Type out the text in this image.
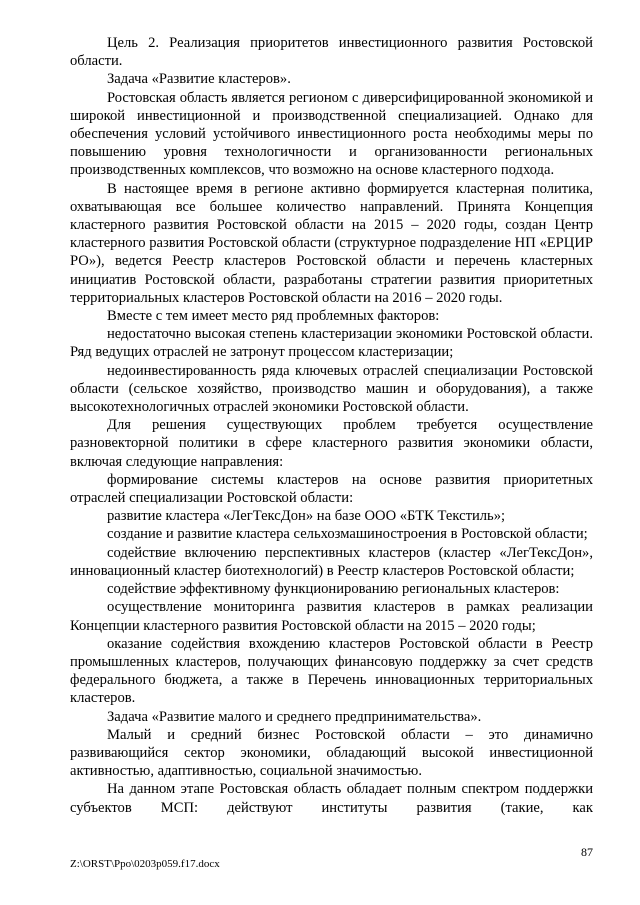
Цель 2. Реализация приоритетов инвестиционного развития Ростовской области.

Задача «Развитие кластеров».

Ростовская область является регионом с диверсифицированной экономикой и широкой инвестиционной и производственной специализацией. Однако для обеспечения условий устойчивого инвестиционного роста необходимы меры по повышению уровня технологичности и организованности региональных производственных комплексов, что возможно на основе кластерного подхода.

В настоящее время в регионе активно формируется кластерная политика, охватывающая все большее количество направлений. Принята Концепция кластерного развития Ростовской области на 2015 – 2020 годы, создан Центр кластерного развития Ростовской области (структурное подразделение НП «ЕРЦИР РО»), ведется Реестр кластеров Ростовской области и перечень кластерных инициатив Ростовской области, разработаны стратегии развития приоритетных территориальных кластеров Ростовской области на 2016 – 2020 годы.

Вместе с тем имеет место ряд проблемных факторов:

недостаточно высокая степень кластеризации экономики Ростовской области. Ряд ведущих отраслей не затронут процессом кластеризации;

недоинвестированность ряда ключевых отраслей специализации Ростовской области (сельское хозяйство, производство машин и оборудования), а также высокотехнологичных отраслей экономики Ростовской области.

Для решения существующих проблем требуется осуществление разновекторной политики в сфере кластерного развития экономики области, включая следующие направления:

формирование системы кластеров на основе развития приоритетных отраслей специализации Ростовской области:

развитие кластера «ЛегТексДон» на базе ООО «БТК Текстиль»;

создание и развитие кластера сельхозмашиностроения в Ростовской области;

содействие включению перспективных кластеров (кластер «ЛегТексДон», инновационный кластер биотехнологий) в Реестр кластеров Ростовской области;

содействие эффективному функционированию региональных кластеров:

осуществление мониторинга развития кластеров в рамках реализации Концепции кластерного развития Ростовской области на 2015 – 2020 годы;

оказание содействия вхождению кластеров Ростовской области в Реестр промышленных кластеров, получающих финансовую поддержку за счет средств федерального бюджета, а также в Перечень инновационных территориальных кластеров.

Задача «Развитие малого и среднего предпринимательства».

Малый и средний бизнес Ростовской области – это динамично развивающийся сектор экономики, обладающий высокой инвестиционной активностью, адаптивностью, социальной значимостью.

На данном этапе Ростовская область обладает полным спектром поддержки субъектов МСП: действуют институты развития (такие, как

87
Z:\ORST\Ppo\0203p059.f17.docx
